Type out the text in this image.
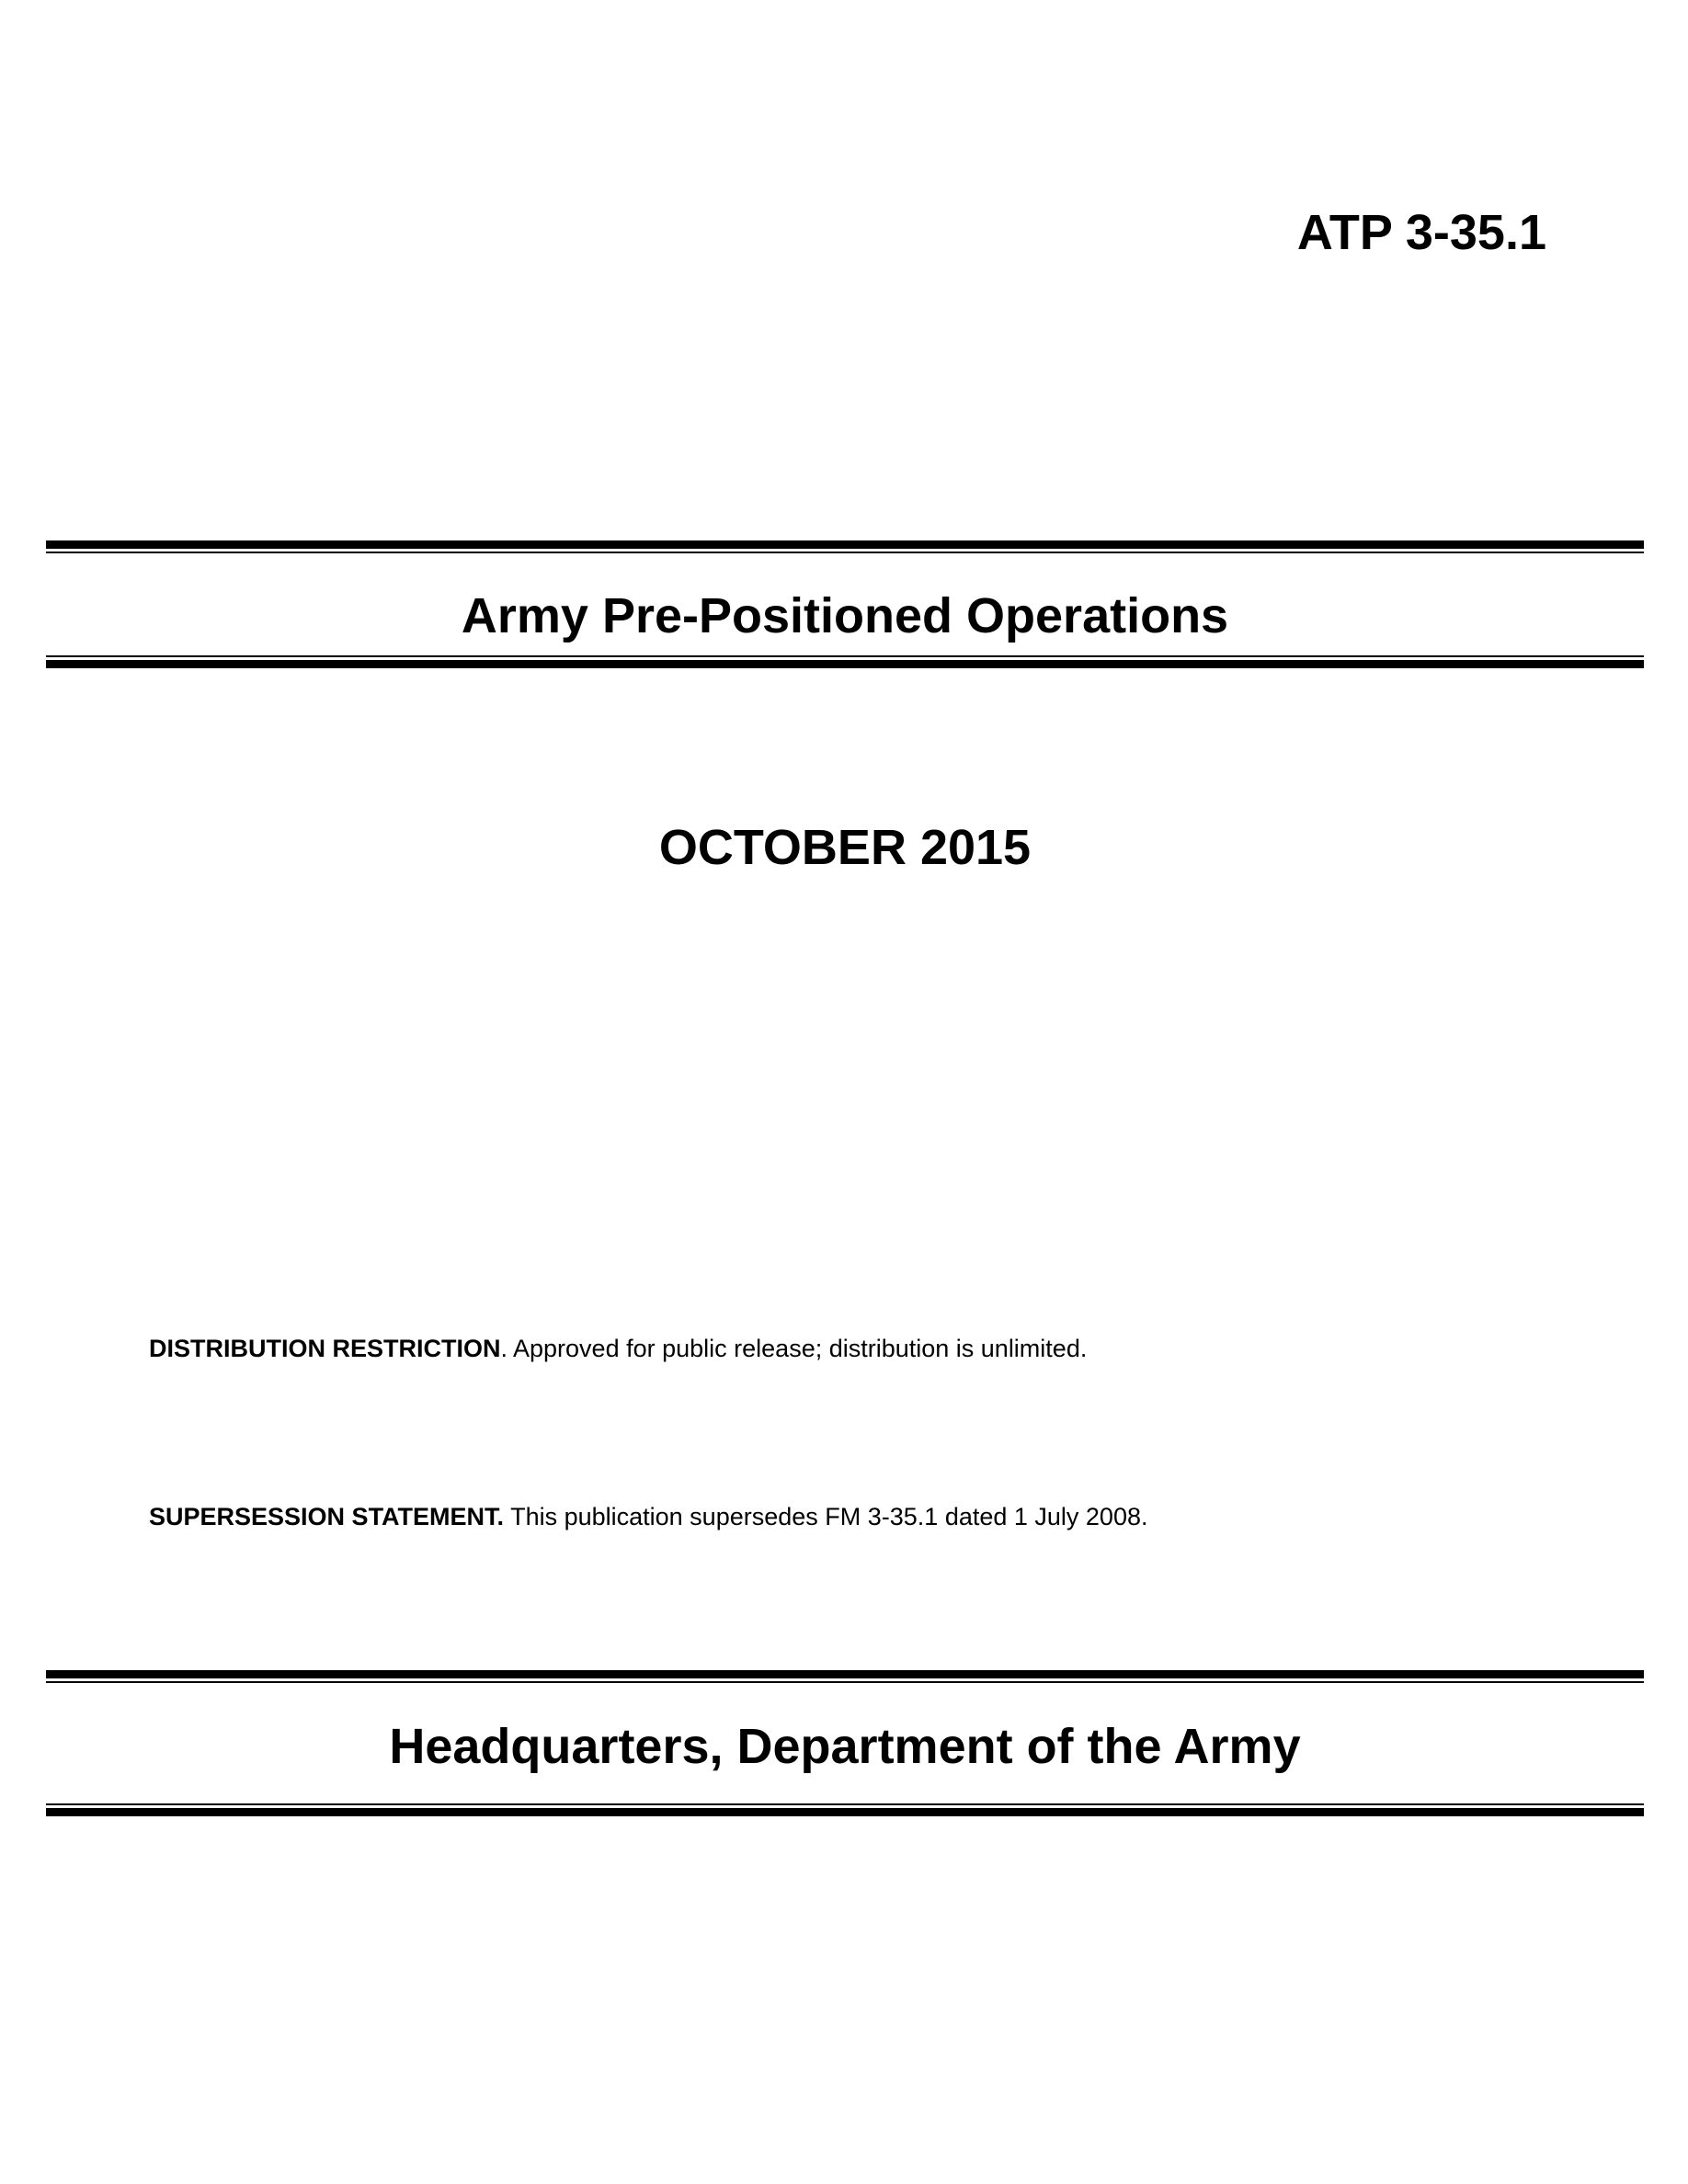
ATP 3-35.1
Army Pre-Positioned Operations
OCTOBER 2015
DISTRIBUTION RESTRICTION. Approved for public release; distribution is unlimited.
SUPERSESSION STATEMENT. This publication supersedes FM 3-35.1 dated 1 July 2008.
Headquarters, Department of the Army
